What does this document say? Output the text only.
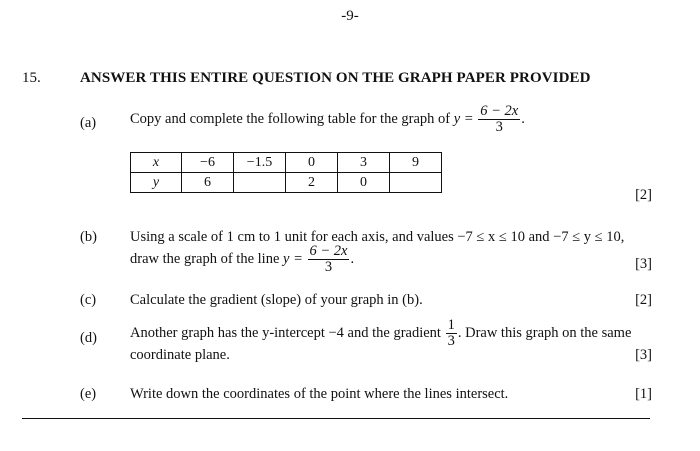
-9-
15.	ANSWER THIS ENTIRE QUESTION ON THE GRAPH PAPER PROVIDED
(a) Copy and complete the following table for the graph of $y = \frac{6 - 2x}{3}$ .
x	−6	−1.5	0	3	9
y	6		2	0	
[2]
(b) Using a scale of 1 cm to 1 unit for each axis, and values −7 ≤ x ≤ 10 and −7 ≤ y ≤ 10,
draw the graph of the line $y = \frac{6 - 2x}{3}$ .	[3]
(c) Calculate the gradient (slope) of your graph in (b).	[2]
(d) Another graph has the y-intercept −4 and the gradient $\frac{1}{3}$ . Draw this graph on the same
coordinate plane.	[3]
(e) Write down the coordinates of the point where the lines intersect.	[1]
